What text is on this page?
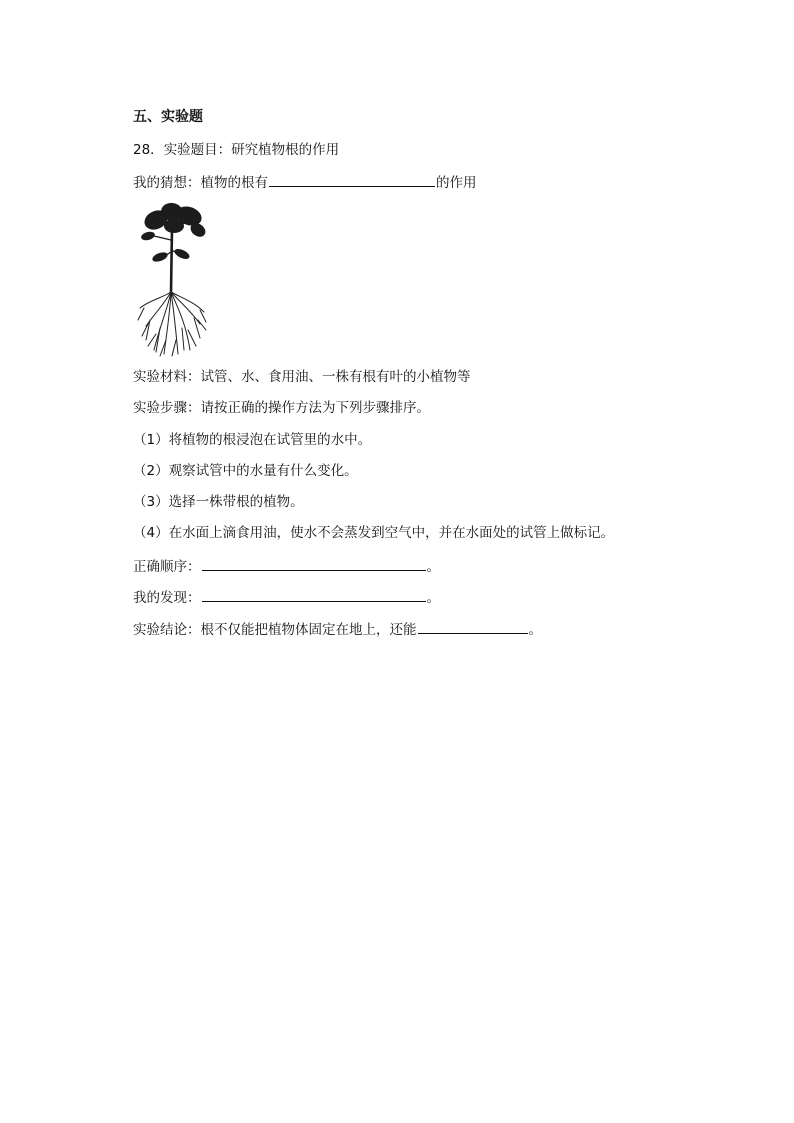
五、实验题
28．实验题目：研究植物根的作用
我的猜想：植物的根有	的作用
实验材料：试管、水、食用油、一株有根有叶的小植物等
实验步骤：请按正确的操作方法为下列步骤排序。
（1）将植物的根浸泡在试管里的水中。
（2）观察试管中的水量有什么变化。
（3）选择一株带根的植物。
（4）在水面上滴食用油，使水不会蒸发到空气中，并在水面处的试管上做标记。
正确顺序：	。
我的发现：	。
实验结论：根不仅能把植物体固定在地上，还能	。
